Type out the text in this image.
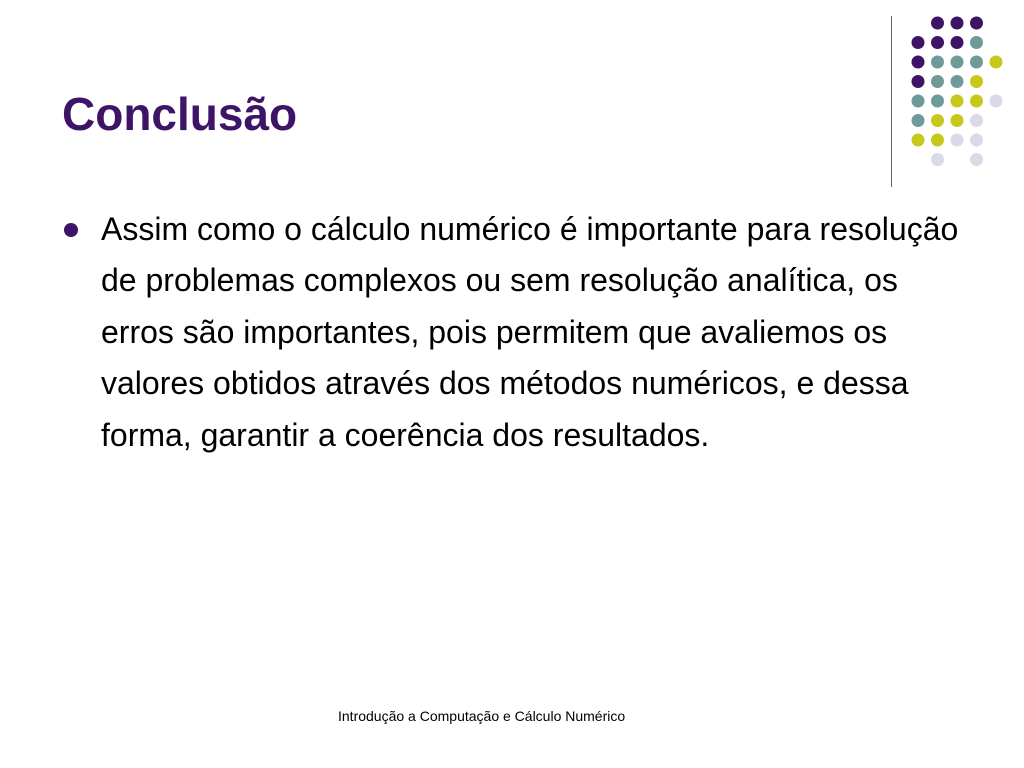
Conclusão
Assim como o cálculo numérico é importante para resolução de problemas complexos ou sem resolução analítica, os erros são importantes, pois permitem que avaliemos os valores obtidos através dos métodos numéricos, e dessa forma, garantir a coerência dos resultados.
Introdução a Computação e Cálculo Numérico
